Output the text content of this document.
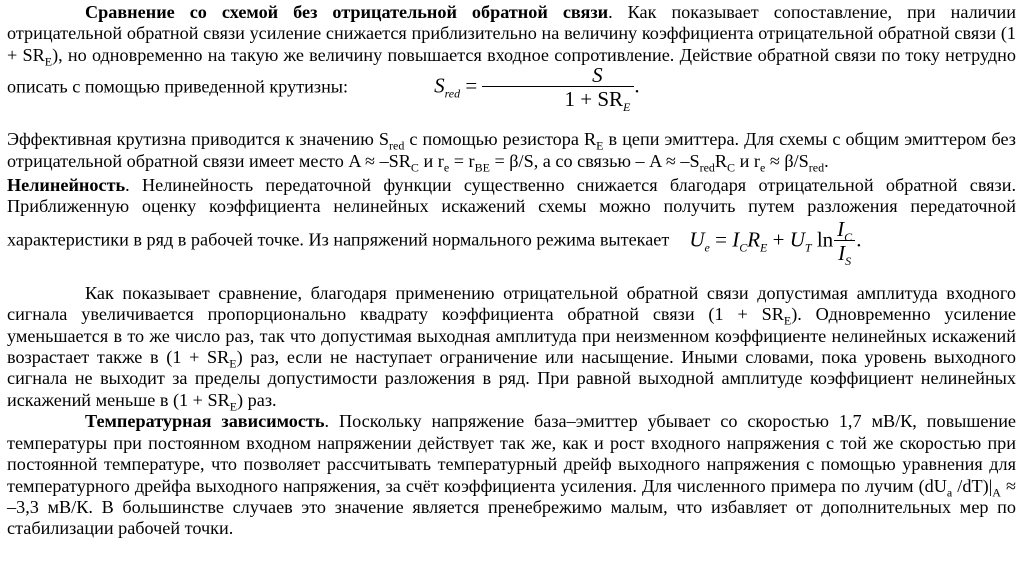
Сравнение со схемой без отрицательной обратной связи. Как показывает сопоставление, при наличии отрицательной обратной связи усиление снижается приблизительно на величину коэффициента отрицательной обратной связи $(1 + SR_E)$, но одновременно на такую же величину повышается входное сопротивление. Действие обратной связи по току нетрудно описать с помощью приведенной крутизны:	$S_{red} = \frac{S}{1 + SR_E}$ .

Эффективная крутизна приводится к значению $S_{red}$ с помощью резистора $R_E$ в цепи эмиттера. Для схемы с общим эмиттером без отрицательной обратной связи имеет место $A \approx -SR_C$ и $r_e = r_{BE} = \beta/S$, а со связью – $A \approx -S_{red}R_C$ и $r_e \approx \beta/S_{red}$.

Нелинейность. Нелинейность передаточной функции существенно снижается благодаря отрицательной обратной связи. Приближенную оценку коэффициента нелинейных искажений схемы можно получить путем разложения передаточной характеристики в ряд в рабочей точке. Из напряжений нормального режима вытекает $U_e = I_CR_E + U_T$ $\ln \frac{I_C}{I_S}$ .

Как показывает сравнение, благодаря применению отрицательной обратной связи допустимая амплитуда входного сигнала увеличивается пропорционально квадрату коэффициента обратной связи $(1 + SR_E)$. Одновременно усиление уменьшается в то же число раз, так что допустимая выходная амплитуда при неизменном коэффициенте нелинейных искажений возрастает также в $(1 + SR_E)$ раз, если не наступает ограничение или насыщение. Иными словами, пока уровень выходного сигнала не выходит за пределы допустимости разложения в ряд. При равной выходной амплитуде коэффициент нелинейных искажений меньше в $(1 + SR_E)$ раз.

Температурная зависимость. Поскольку напряжение база–эмиттер убывает со скоростью 1,7 мВ/К, повышение температуры при постоянном входном напряжении действует так же, как и рост входного напряжения с той же скоростью при постоянной температуре, что позволяет рассчитывать температурный дрейф выходного напряжения с помощью уравнения для температурного дрейфа выходного напряжения, за счёт коэффициента усиления. Для численного примера по лучим ($dU_a$ $/dT)|_A \approx -3,3$ мВ/К. В большинстве случаев это значение является пренебрежимо малым, что избавляет от дополнительных мер по стабилизации рабочей точки.
